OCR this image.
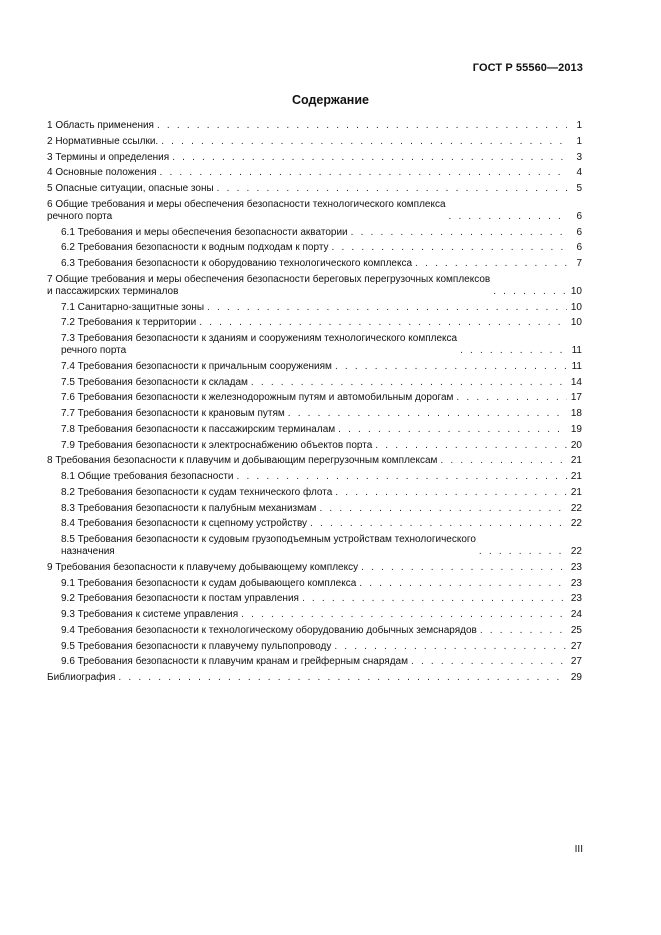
ГОСТ Р 55560—2013
Содержание
1 Область применения . . .	1
2 Нормативные ссылки. . . .	1
3 Термины и определения . . .	3
4 Основные положения . . .	4
5 Опасные ситуации, опасные зоны . . .	5
6 Общие требования и меры обеспечения безопасности технологического комплекса
речного порта . . .	6
6.1 Требования и меры обеспечения безопасности акватории . . .	6
6.2 Требования безопасности к водным подходам к порту . . .	6
6.3 Требования безопасности к оборудованию технологического комплекса . . .	7
7 Общие требования и меры обеспечения безопасности береговых перегрузочных комплексов
и пассажирских терминалов . . .	10
7.1 Санитарно-защитные зоны . . .	10
7.2 Требования к территории . . .	10
7.3 Требования безопасности к зданиям и сооружениям технологического комплекса
речного порта . . .	11
7.4 Требования безопасности к причальным сооружениям . . .	11
7.5 Требования безопасности к складам . . .	14
7.6 Требования безопасности к железнодорожным путям и автомобильным дорогам . . .	17
7.7 Требования безопасности к крановым путям . . .	18
7.8 Требования безопасности к пассажирским терминалам . . .	19
7.9 Требования безопасности к электроснабжению объектов порта . . .	20
8 Требования безопасности к плавучим и добывающим перегрузочным комплексам . . .	21
8.1 Общие требования безопасности . . .	21
8.2 Требования безопасности к судам технического флота . . .	21
8.3 Требования безопасности к палубным механизмам . . .	22
8.4 Требования безопасности к сцепному устройству . . .	22
8.5 Требования безопасности к судовым грузоподъемным устройствам технологического
назначения . . .	22
9 Требования безопасности к плавучему добывающему комплексу . . .	23
9.1 Требования безопасности к судам добывающего комплекса . . .	23
9.2 Требования безопасности к постам управления . . .	23
9.3 Требования к системе управления . . .	24
9.4 Требования безопасности к технологическому оборудованию добычных земснарядов . . .	25
9.5 Требования безопасности к плавучему пульпопроводу . . .	27
9.6 Требования безопасности к плавучим кранам и грейферным снарядам . . .	27
Библиография . . .	29
III
